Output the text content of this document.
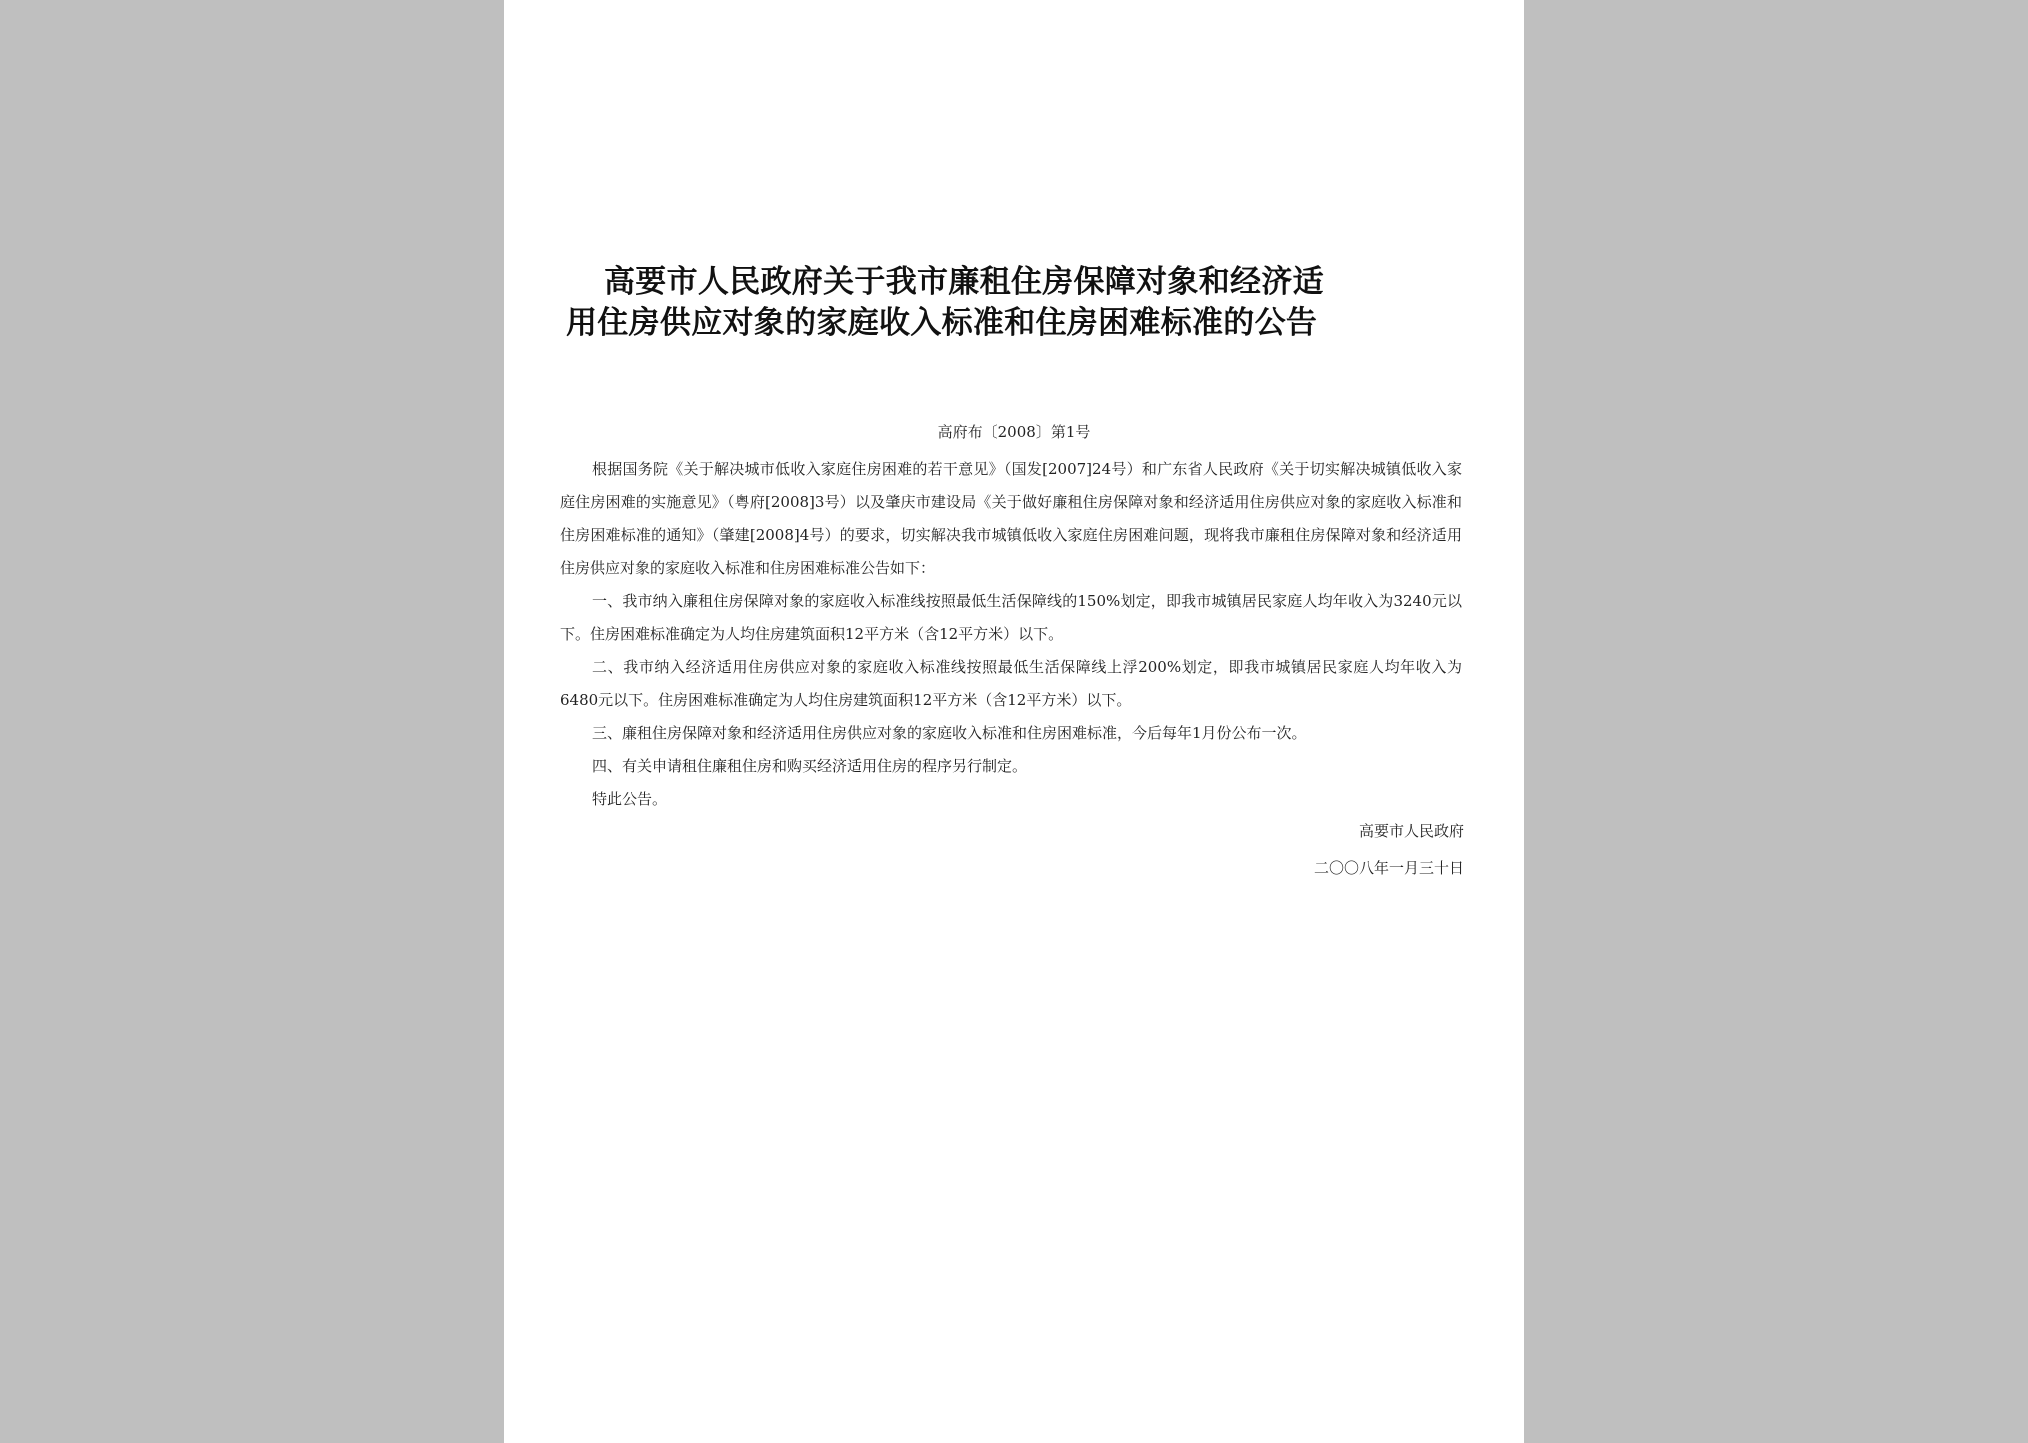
高要市人民政府关于我市廉租住房保障对象和经济适
用住房供应对象的家庭收入标准和住房困难标准的公告
高府布〔2008〕第1号

根据国务院《关于解决城市低收入家庭住房困难的若干意见》（国发[2007]24号）和广东省人民政府《关于切实解决城镇低收入家庭住房困难的实施意见》（粤府[2008]3号）以及肇庆市建设局《关于做好廉租住房保障对象和经济适用住房供应对象的家庭收入标准和住房困难标准的通知》（肇建[2008]4号）的要求，切实解决我市城镇低收入家庭住房困难问题，现将我市廉租住房保障对象和经济适用住房供应对象的家庭收入标准和住房困难标准公告如下：

一、我市纳入廉租住房保障对象的家庭收入标准线按照最低生活保障线的150%划定，即我市城镇居民家庭人均年收入为3240元以下。住房困难标准确定为人均住房建筑面积12平方米（含12平方米）以下。

二、我市纳入经济适用住房供应对象的家庭收入标准线按照最低生活保障线上浮200%划定，即我市城镇居民家庭人均年收入为6480元以下。住房困难标准确定为人均住房建筑面积12平方米（含12平方米）以下。

三、廉租住房保障对象和经济适用住房供应对象的家庭收入标准和住房困难标准，今后每年1月份公布一次。

四、有关申请租住廉租住房和购买经济适用住房的程序另行制定。

特此公告。

高要市人民政府
二〇〇八年一月三十日
